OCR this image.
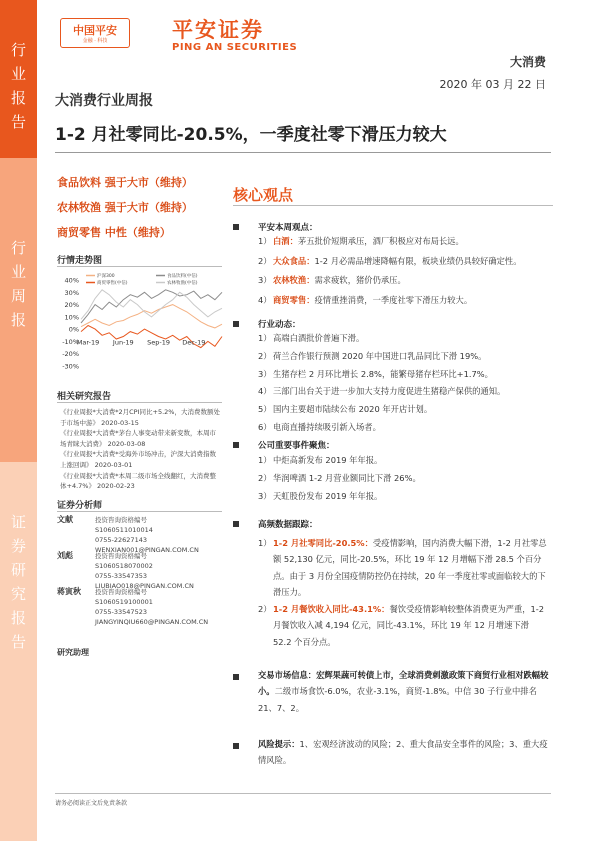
行
业
报
告
行
业
周
报
证
券
研
究
报
告
中国平安
金融 · 科技	平安证券
PING AN SECURITIES
大消费
2020 年 03 月 22 日
大消费行业周报
1-2 月社零同比-20.5%，一季度社零下滑压力较大
食品饮料 强于大市（维持）
农林牧渔 强于大市（维持）
商贸零售 中性（维持）
行情走势图
40%
30%
20%
10%
0%
-10%
-20%
-30%
沪深300	食品饮料(中信)
商贸零售(中信)	农林牧渔(中信)
Mar-19 Jun-19 Sep-19 Dec-19
相关研究报告

《行业周报*大消费*2月CPI同比+5.2%，大消费数额处于市场中游》 2020-03-15

《行业周报*大消费*茅台人事变动带来新变数，本周市场青睐大消费》 2020-03-08

《行业周报*大消费*受海外市场冲击，沪深大消费指数上涨回调》 2020-03-01

《行业周报*大消费*本周二级市场全线翻红，大消费整体+4.7%》 2020-02-23

证券分析师
文献	投资咨询资格编号
S1060511010014
0755-22627143
WENXIAN001@PINGAN.COM.CN
刘彪	投资咨询资格编号
S1060518070002
0755-33547353
LIUBIAO018@PINGAN.COM.CN
蒋寅秋 投资咨询资格编号
S1060519100001
0755-33547523
JIANGYINQIU660@PINGAN.COM.CN
研究助理
核心观点
平安本周观点：
1） 白酒：茅五批价短期承压，酒厂积极应对布局长远。
2） 大众食品：1-2 月必需品增速降幅有限，板块业绩仍具较好确定性。
3） 农林牧渔：需求疲软，猪价仍承压。
4） 商贸零售：疫情重挫消费，一季度社零下滑压力较大。
行业动态：
1） 高端白酒批价普遍下滑。
2） 荷兰合作银行预测 2020 年中国进口乳品同比下滑 19%。
3） 生猪存栏 2 月环比增长 2.8%，能繁母猪存栏环比+1.7%。
4） 三部门出台关于进一步加大支持力度促进生猪稳产保供的通知。
5） 国内主要超市陆续公布 2020 年开店计划。
6） 电商直播持续吸引新入场者。
公司重要事件聚焦：
1） 中炬高新发布 2019 年年报。
2） 华润啤酒 1-2 月营业额同比下滑 26%。
3） 天虹股份发布 2019 年年报。
高频数据跟踪：
1） 1-2 月社零同比-20.5%：受疫情影响，国内消费大幅下滑，1-2 月社零总额 52,130 亿元，同比-20.5%，环比 19 年 12 月增幅下滑 28.5 个百分点。由于 3 月份全国疫情防控仍在持续，20 年一季度社零或面临较大的下滑压力。
2） 1-2 月餐饮收入同比-43.1%：餐饮受疫情影响较整体消费更为严重，1-2 月餐饮收入减 4,194 亿元，同比-43.1%，环比 19 年 12 月增速下滑 52.2 个百分点。
交易市场信息：宏辉果蔬可转债上市，全球消费刺激政策下商贸行业相对跌幅较小。二级市场食饮-6.0%，农业-3.1%，商贸-1.8%。中信 30 子行业中排名 21、7、2。
风险提示：1、宏观经济波动的风险；2、重大食品安全事件的风险；3、重大疫情风险。
请务必阅读正文后免责条款
